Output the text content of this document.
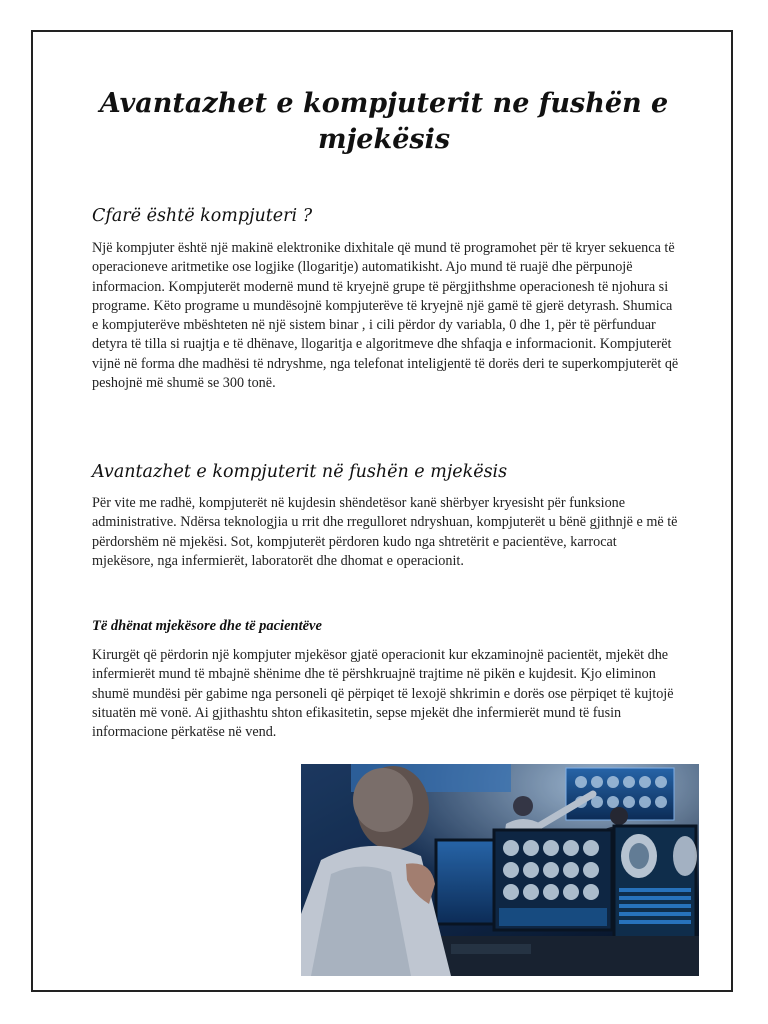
Avantazhet e kompjuterit ne fushën e mjekësis
Cfarë është kompjuteri ?

Një kompjuter është një makinë elektronike dixhitale që mund të programohet për të kryer sekuenca të operacioneve aritmetike ose logjike (llogaritje) automatikisht. Ajo mund të ruajë dhe përpunojë informacion. Kompjuterët modernë mund të kryejnë grupe të përgjithshme operacionesh të njohura si programe. Këto programe u mundësojnë kompjuterëve të kryejnë një gamë të gjerë detyrash. Shumica e kompjuterëve mbështeten në një sistem binar , i cili përdor dy variabla, 0 dhe 1, për të përfunduar detyra të tilla si ruajtja e të dhënave, llogaritja e algoritmeve dhe shfaqja e informacionit. Kompjuterët vijnë në forma dhe madhësi të ndryshme, nga telefonat inteligjentë të dorës deri te superkompjuterët që peshojnë më shumë se 300 tonë.

Avantazhet e kompjuterit në fushën e mjekësis

Për vite me radhë, kompjuterët në kujdesin shëndetësor kanë shërbyer kryesisht për funksione administrative. Ndërsa teknologjia u rrit dhe rregulloret ndryshuan, kompjuterët u bënë gjithnjë e më të përdorshëm në mjekësi. Sot, kompjuterët përdoren kudo nga shtretërit e pacientëve, karrocat mjekësore, nga infermierët, laboratorët dhe dhomat e operacionit.

Të dhënat mjekësore dhe të pacientëve

Kirurgët që përdorin një kompjuter mjekësor gjatë operacionit kur ekzaminojnë pacientët, mjekët dhe infermierët mund të mbajnë shënime dhe të përshkruajnë trajtime në pikën e kujdesit. Kjo eliminon shumë mundësi për gabime nga personeli që përpiqet të lexojë shkrimin e dorës ose përpiqet të kujtojë situatën më vonë. Ai gjithashtu shton efikasitetin, sepse mjekët dhe infermierët mund të fusin informacione përkatëse në vend.
